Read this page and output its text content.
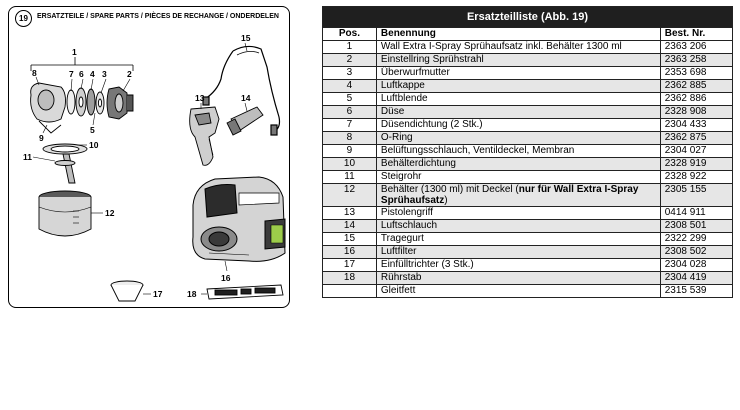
19	ERSATZTEILE / SPARE PARTS / PIÈCES DE RECHANGE / ONDERDELEN
1
2
3
4
5
6
7
8
9
10
11
12
13	14
15
16
17	18
Ersatzteilliste (Abb. 19)		
Pos.	Benennung	Best. Nr.
1	Wall Extra I-Spray Sprühaufsatz inkl. Behälter 1300 ml	2363 206
2	Einstellring Sprühstrahl	2363 258
3	Überwurfmutter	2353 698
4	Luftkappe	2362 885
5	Luftblende	2362 886
6	Düse	2328 908
7	Düsendichtung (2 Stk.)	2304 433
8	O-Ring	2362 875
9	Belüftungsschlauch, Ventildeckel, Membran	2304 027
10	Behälterdichtung	2328 919
11	Steigrohr	2328 922
12	Behälter (1300 ml) mit Deckel (nur für Wall Extra I-Spray Sprühaufsatz)	2305 155
13	Pistolengriff	0414 911
14	Luftschlauch	2308 501
15	Tragegurt	2322 299
16	Luftfilter	2308 502
17	Einfülltrichter (3 Stk.)	2304 028
18	Rührstab	2304 419
	Gleitfett	2315 539
